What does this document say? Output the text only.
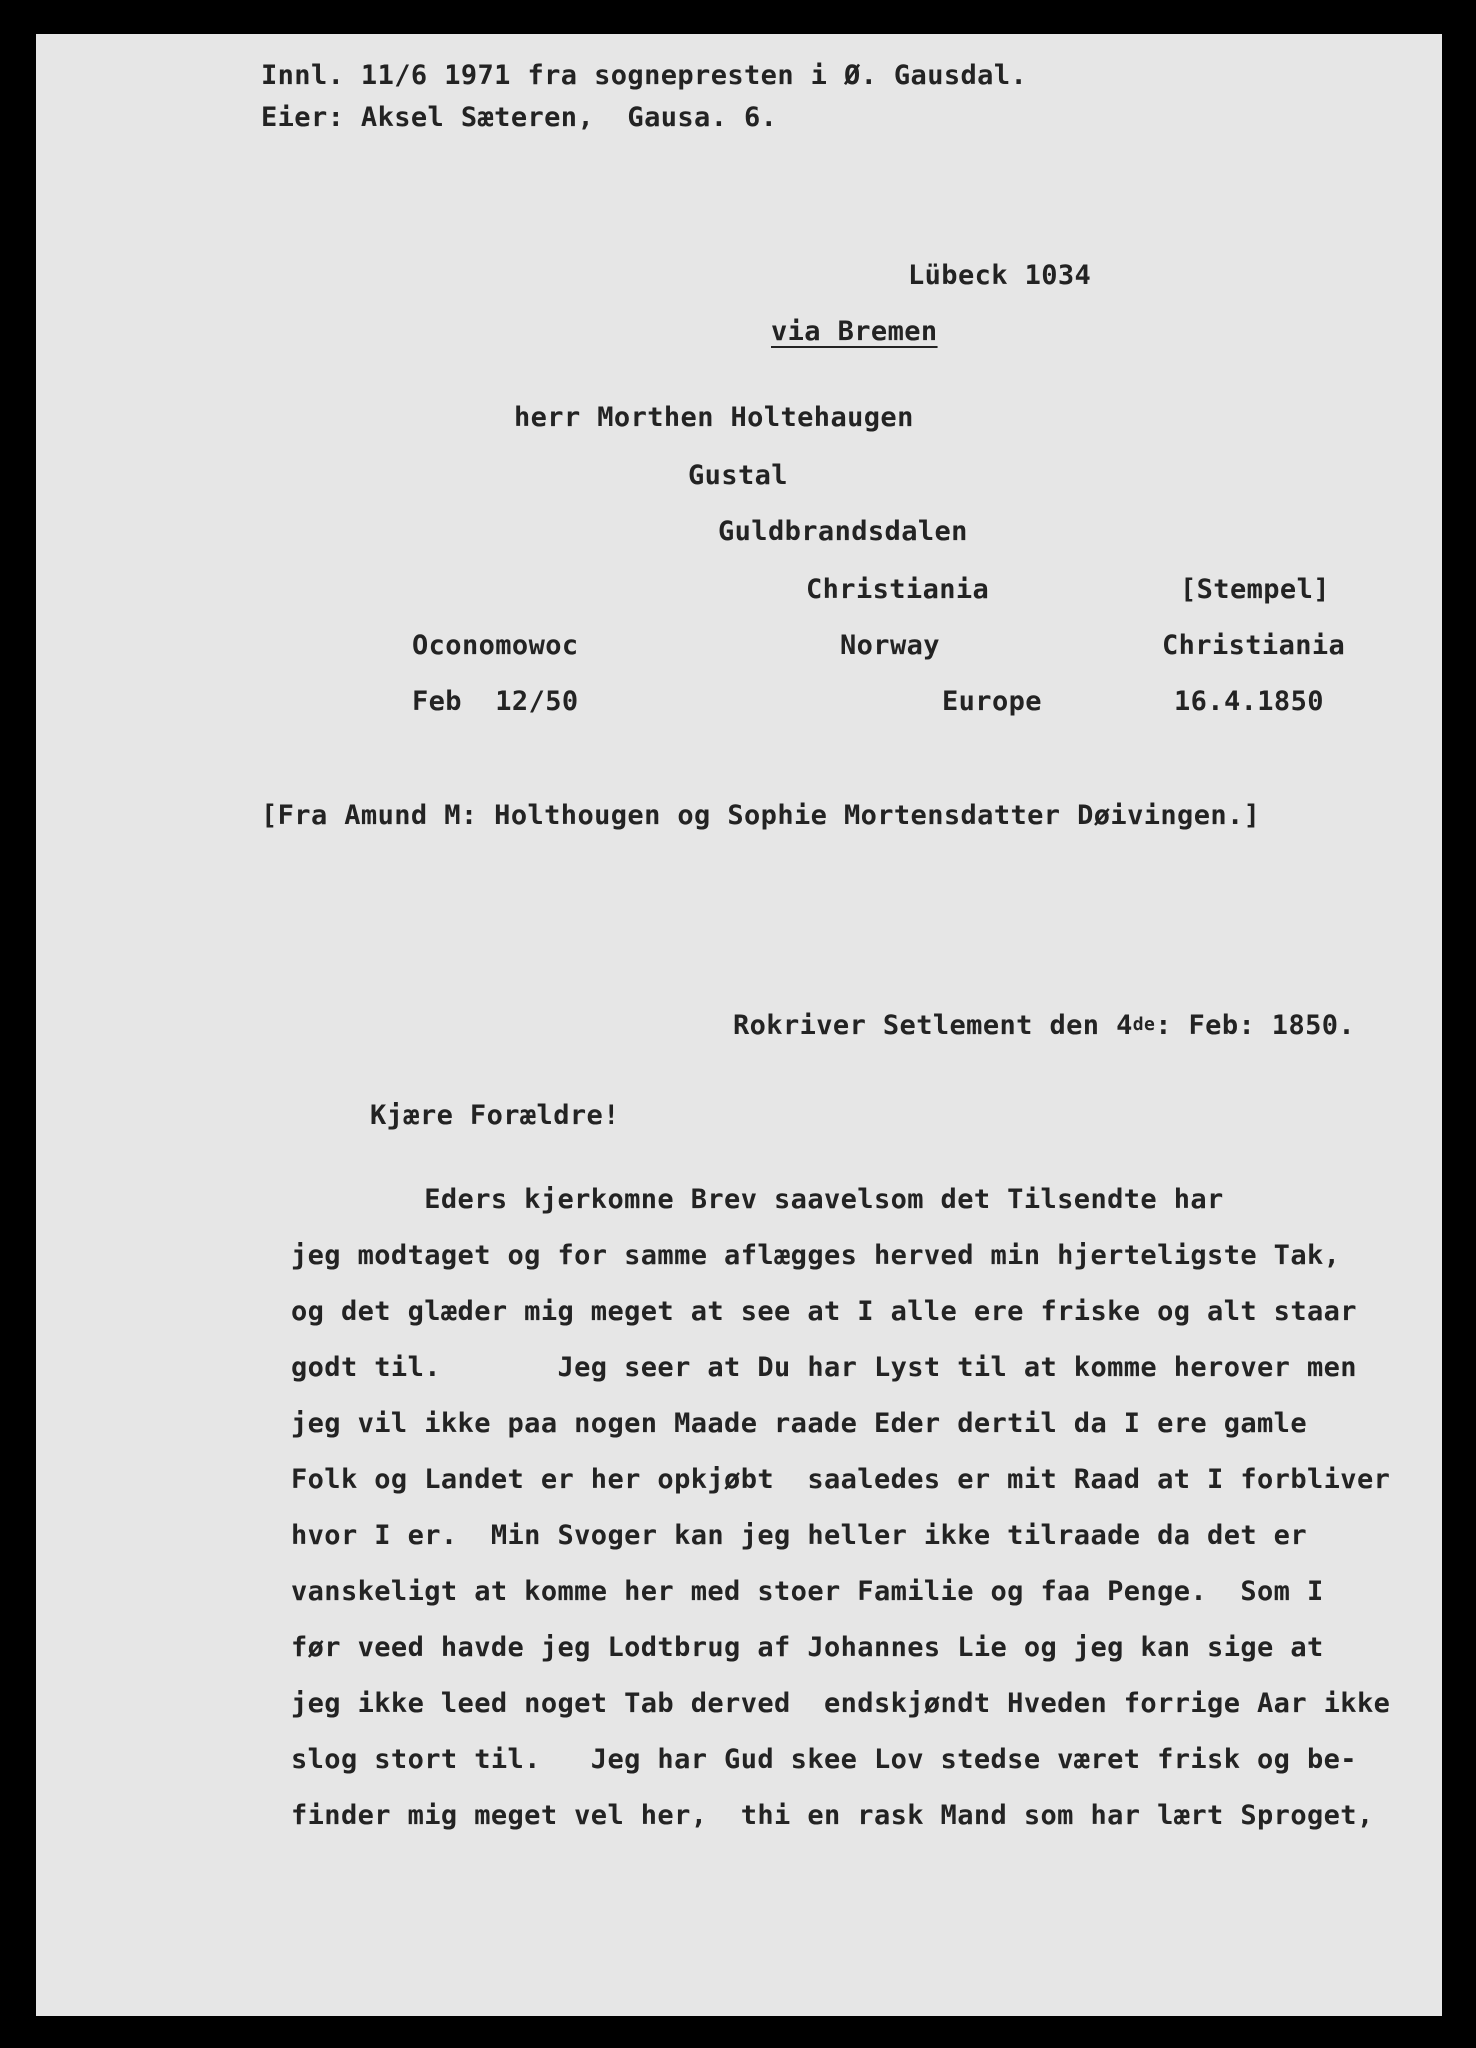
Innl. 11/6 1971 fra sognepresten i Ø. Gausdal.
Eier: Aksel Sæteren,  Gausa. 6.
Lübeck 1034
via Bremen
herr Morthen Holtehaugen
Gustal
Guldbrandsdalen
Christiania	[Stempel]
Oconomowoc	Norway	Christiania
Feb  12/50	Europe	16.4.1850
[Fra Amund M: Holthougen og Sophie Mortensdatter Døivingen.]
Rokriver Setlement den 4de: Feb: 1850.
Kjære Forældre!
Eders kjerkomne Brev saavelsom det Tilsendte har
jeg modtaget og for samme aflægges herved min hjerteligste Tak,
og det glæder mig meget at see at I alle ere friske og alt staar
godt til.       Jeg seer at Du har Lyst til at komme herover men
jeg vil ikke paa nogen Maade raade Eder dertil da I ere gamle
Folk og Landet er her opkjøbt  saaledes er mit Raad at I forbliver
hvor I er.  Min Svoger kan jeg heller ikke tilraade da det er
vanskeligt at komme her med stoer Familie og faa Penge.  Som I
før veed havde jeg Lodtbrug af Johannes Lie og jeg kan sige at
jeg ikke leed noget Tab derved  endskjøndt Hveden forrige Aar ikke
slog stort til.   Jeg har Gud skee Lov stedse været frisk og be-
finder mig meget vel her,  thi en rask Mand som har lært Sproget,
